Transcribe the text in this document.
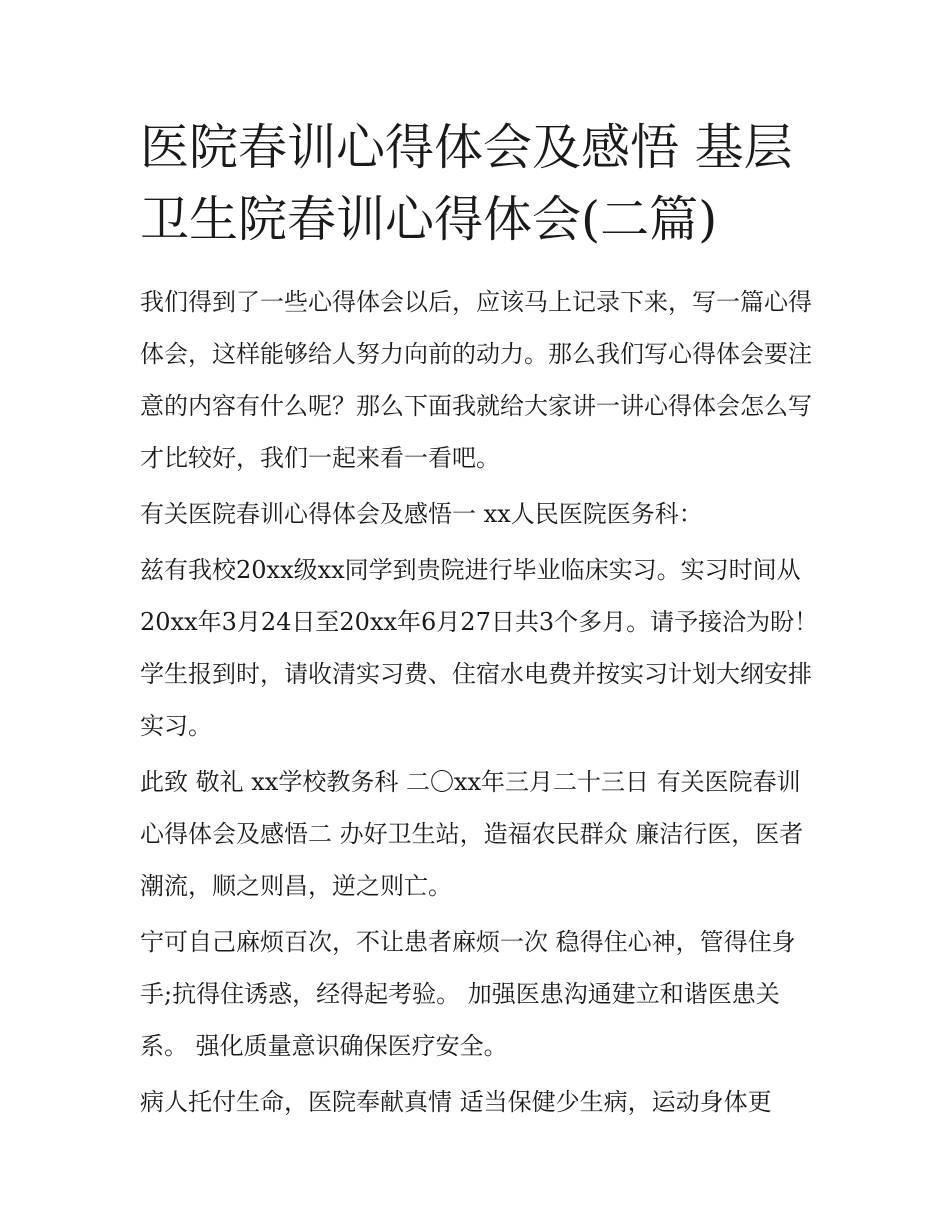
医院春训心得体会及感悟 基层卫生院春训心得体会(二篇)

我们得到了一些心得体会以后，应该马上记录下来，写一篇心得体会，这样能够给人努力向前的动力。那么我们写心得体会要注意的内容有什么呢？那么下面我就给大家讲一讲心得体会怎么写才比较好，我们一起来看一看吧。

有关医院春训心得体会及感悟一 xx人民医院医务科：

兹有我校20xx级xx同学到贵院进行毕业临床实习。实习时间从20xx年3月24日至20xx年6月27日共3个多月。请予接洽为盼！学生报到时，请收清实习费、住宿水电费并按实习计划大纲安排实习。

此致 敬礼 xx学校教务科 二〇xx年三月二十三日 有关医院春训心得体会及感悟二 办好卫生站，造福农民群众 廉洁行医，医者潮流，顺之则昌，逆之则亡。

宁可自己麻烦百次，不让患者麻烦一次 稳得住心神，管得住身手;抗得住诱惑，经得起考验。 加强医患沟通建立和谐医患关系。 强化质量意识确保医疗安全。

病人托付生命，医院奉献真情 适当保健少生病，运动身体更
